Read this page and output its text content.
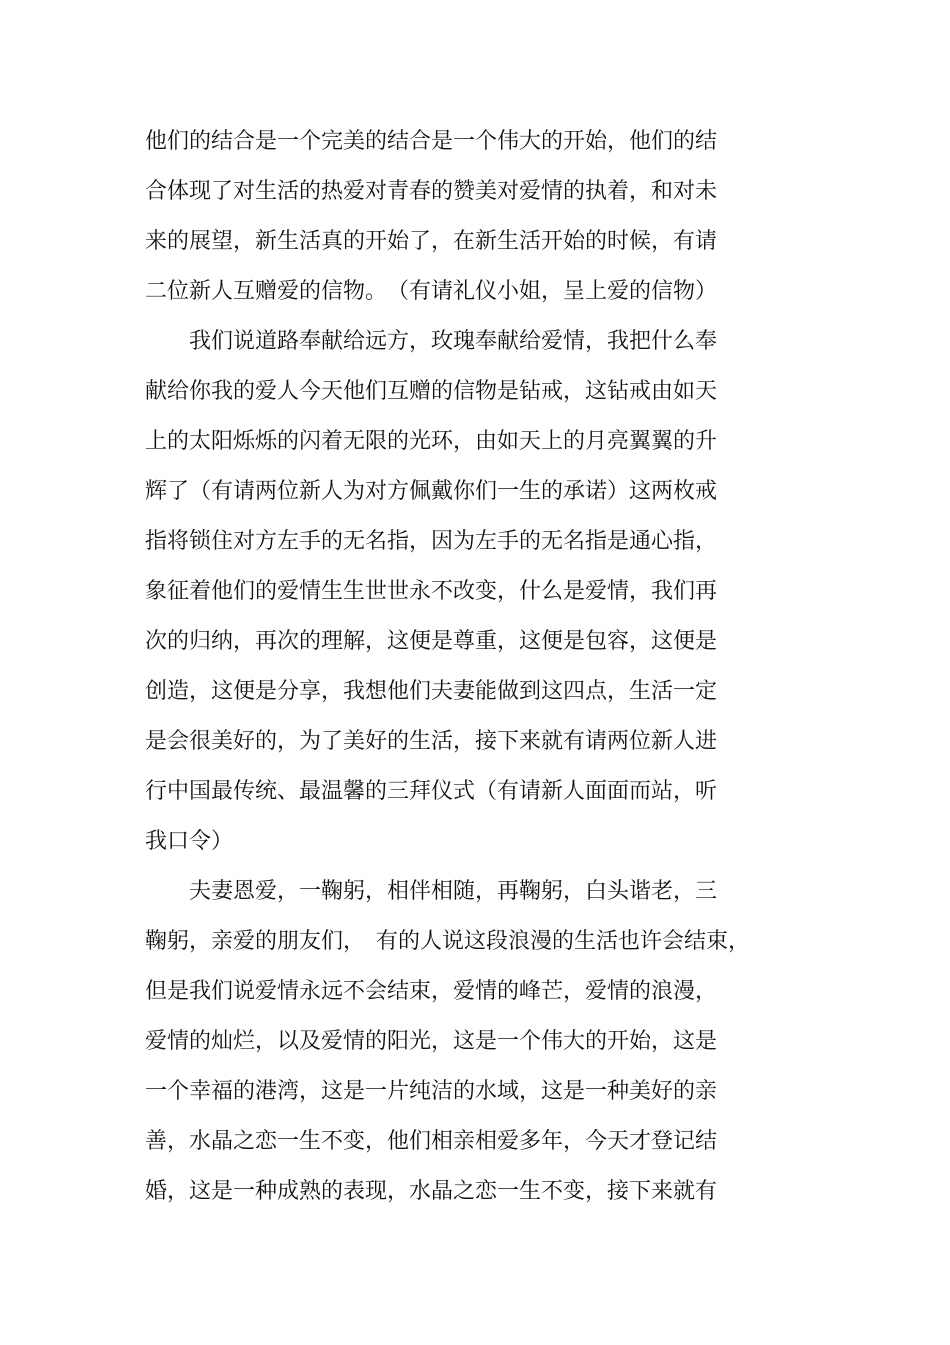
他们的结合是一个完美的结合是一个伟大的开始，他们的结
合体现了对生活的热爱对青春的赞美对爱情的执着，和对未
来的展望，新生活真的开始了，在新生活开始的时候，有请
二位新人互赠爱的信物。　（有请礼仪小姐，呈上爱的信物）
　　我们说道路奉献给远方，玫瑰奉献给爱情，我把什么奉
献给你我的爱人今天他们互赠的信物是钻戒，这钻戒由如天
上的太阳烁烁的闪着无限的光环，由如天上的月亮翼翼的升
辉了（有请两位新人为对方佩戴你们一生的承诺）这两枚戒
指将锁住对方左手的无名指，因为左手的无名指是通心指，
象征着他们的爱情生生世世永不改变，什么是爱情，我们再
次的归纳，再次的理解，这便是尊重，这便是包容，这便是
创造，这便是分享，我想他们夫妻能做到这四点，生活一定
是会很美好的，为了美好的生活，接下来就有请两位新人进
行中国最传统、最温馨的三拜仪式（有请新人面面而站，听
我口令）
　　夫妻恩爱，一鞠躬，相伴相随，再鞠躬，白头谐老，三
鞠躬，亲爱的朋友们，　有的人说这段浪漫的生活也许会结束，
但是我们说爱情永远不会结束，爱情的峰芒，爱情的浪漫，
爱情的灿烂，以及爱情的阳光，这是一个伟大的开始，这是
一个幸福的港湾，这是一片纯洁的水域，这是一种美好的亲
善，水晶之恋一生不变，他们相亲相爱多年，今天才登记结
婚，这是一种成熟的表现，水晶之恋一生不变，接下来就有
